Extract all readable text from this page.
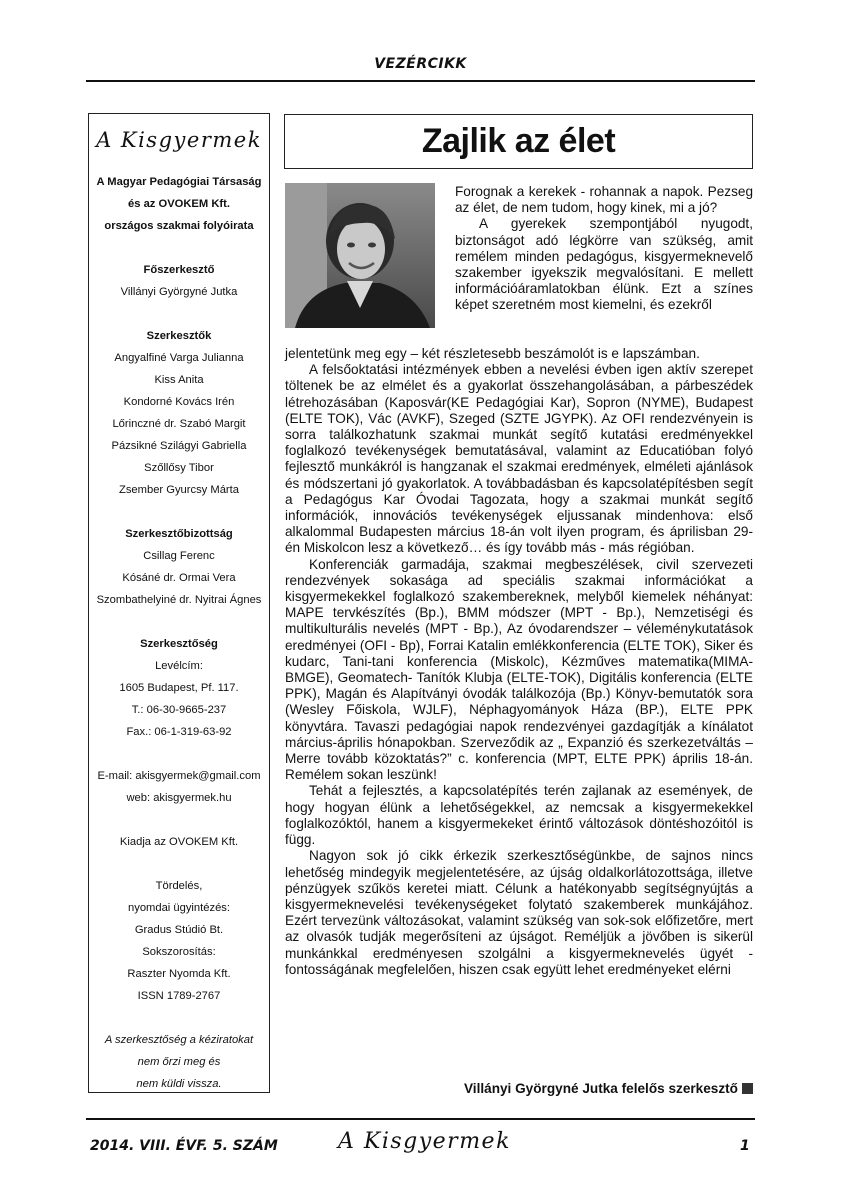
VEZÉRCIKK
A Kisgyermek
A Magyar Pedagógiai Társaság
és az OVOKEM Kft.
országos szakmai folyóirata
Főszerkesztő
Villányi Györgyné Jutka
Szerkesztők
Angyalfiné Varga Julianna
Kiss Anita
Kondorné Kovács Irén
Lőrinczné dr. Szabó Margit
Pázsikné Szilágyi Gabriella
Szőllősy Tibor
Zsember Gyurcsy Márta
Szerkesztőbizottság
Csillag Ferenc
Kósáné dr. Ormai Vera
Szombathelyiné dr. Nyitrai Ágnes
Szerkesztőség
Levélcím:
1605 Budapest, Pf. 117.
T.: 06-30-9665-237
Fax.: 06-1-319-63-92
E-mail: akisgyermek@gmail.com
web: akisgyermek.hu
Kiadja az OVOKEM Kft.
Tördelés,
nyomdai ügyintézés:
Gradus Stúdió Bt.
Sokszorosítás:
Raszter Nyomda Kft.
ISSN 1789-2767
A szerkesztőség a kéziratokat
nem őrzi meg és
nem küldi vissza.
Zajlik az élet

Forognak a kerekek - rohannak a napok. Pezseg az élet, de nem tudom, hogy kinek, mi a jó?

A gyerekek szempontjából nyugodt, biztonságot adó légkörre van szükség, amit remélem minden pedagógus, kisgyermeknevelő szakember igyekszik megvalósítani. E mellett információáramlatokban élünk. Ezt a színes képet szeretném most kiemelni, és ezekről

jelentetünk meg egy – két részletesebb beszámolót is e lapszámban.

A felsőoktatási intézmények ebben a nevelési évben igen aktív szerepet töltenek be az elmélet és a gyakorlat összehangolásában, a párbeszédek létrehozásában (Kaposvár(KE Pedagógiai Kar), Sopron (NYME), Budapest (ELTE TOK), Vác (AVKF), Szeged (SZTE JGYPK). Az OFI rendezvényein is sorra találkozhatunk szakmai munkát segítő kutatási eredményekkel foglalkozó tevékenységek bemutatásával, valamint az Educatióban folyó fejlesztő munkákról is hangzanak el szakmai eredmények, elméleti ajánlások és módszertani jó gyakorlatok. A továbbadásban és kapcsolatépítésben segít a Pedagógus Kar Óvodai Tagozata, hogy a szakmai munkát segítő információk, innovációs tevékenységek eljussanak mindenhova: első alkalommal Budapesten március 18-án volt ilyen program, és áprilisban 29-én Miskolcon lesz a következő… és így tovább más - más régióban.

Konferenciák garmadája, szakmai megbeszélések, civil szervezeti rendezvények sokasága ad speciális szakmai információkat a kisgyermekekkel foglalkozó szakembereknek, melyből kiemelek néhányat: MAPE tervkészítés (Bp.), BMM módszer (MPT - Bp.), Nemzetiségi és multikulturális nevelés (MPT - Bp.), Az óvodarendszer – véleménykutatások eredményei (OFI - Bp), Forrai Katalin emlékkonferencia (ELTE TOK), Siker és kudarc, Tani-tani konferencia (Miskolc), Kézműves matematika(MIMA- BMGE), Geomatech- Tanítók Klubja (ELTE-TOK), Digitális konferencia (ELTE PPK), Magán és Alapítványi óvodák találkozója (Bp.) Könyv-bemutatók sora (Wesley Főiskola, WJLF), Néphagyományok Háza (BP.), ELTE PPK könyvtára. Tavaszi pedagógiai napok rendezvényei gazdagítják a kínálatot március-április hónapokban. Szerveződik az „ Expanzió és szerkezetváltás – Merre tovább közoktatás?” c. konferencia (MPT, ELTE PPK) április 18-án. Remélem sokan leszünk!

Tehát a fejlesztés, a kapcsolatépítés terén zajlanak az események, de hogy hogyan élünk a lehetőségekkel, az nemcsak a kisgyermekekkel foglalkozóktól, hanem a kisgyermekeket érintő változások döntéshozóitól is függ.

Nagyon sok jó cikk érkezik szerkesztőségünkbe, de sajnos nincs lehetőség mindegyik megjelentetésére, az újság oldalkorlátozottsága, illetve pénzügyek szűkös keretei miatt. Célunk a hatékonyabb segítségnyújtás a kisgyermeknevelési tevékenységeket folytató szakemberek munkájához. Ezért tervezünk változásokat, valamint szükség van sok-sok előfizetőre, mert az olvasók tudják megerősíteni az újságot. Reméljük a jövőben is sikerül munkánkkal eredményesen szolgálni a kisgyermeknevelés ügyét - fontosságának megfelelően, hiszen csak együtt lehet eredményeket elérni

Villányi Györgyné Jutka felelős szerkesztő
2014. VIII. ÉVF. 5. SZÁM	A Kisgyermek	1
